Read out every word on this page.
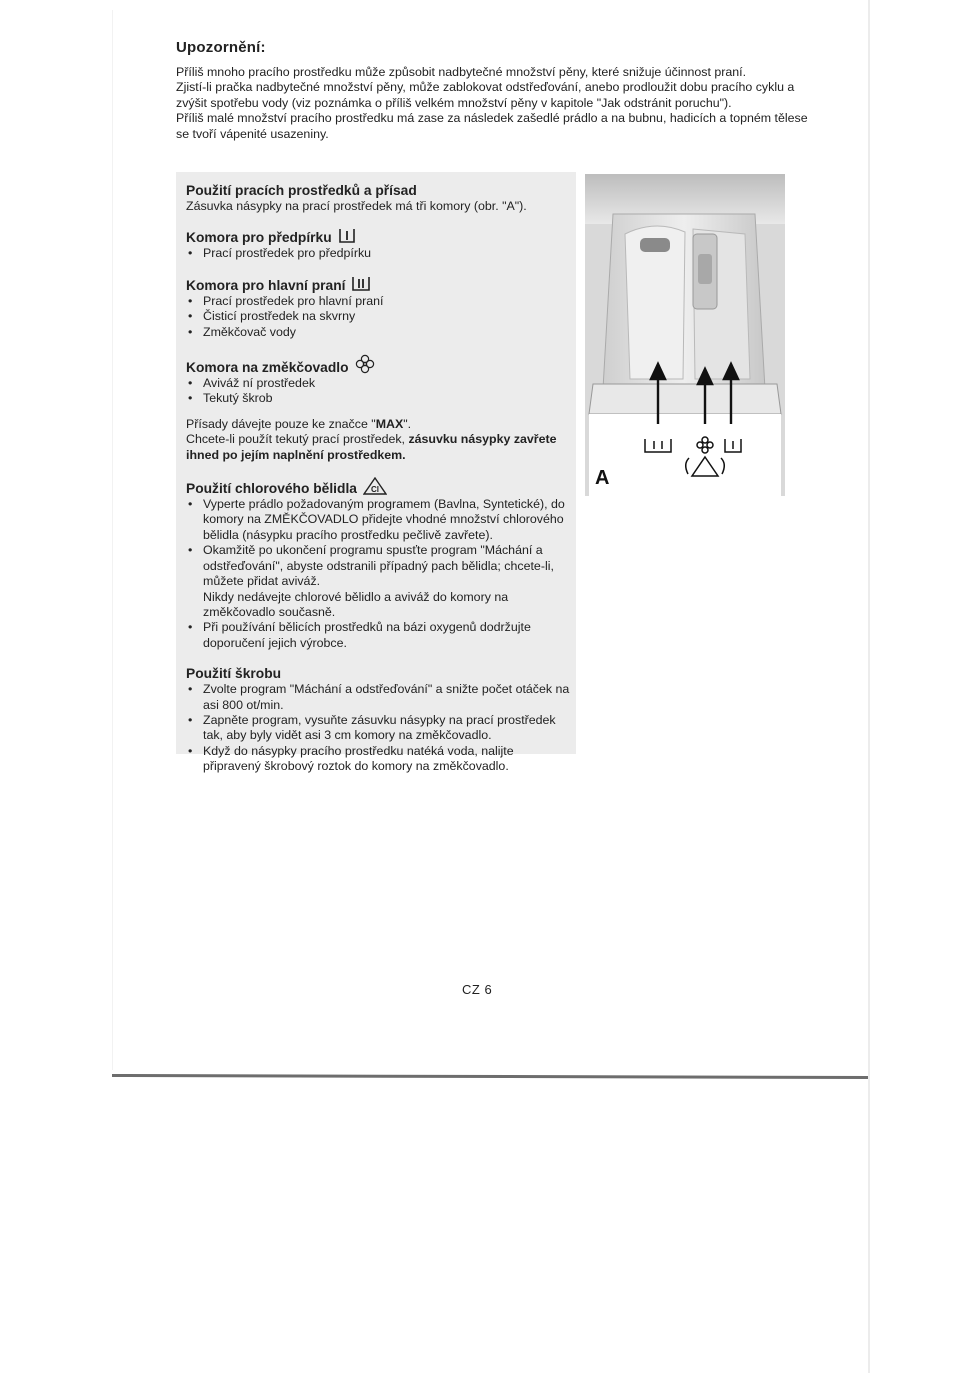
Upozornění:

Příliš mnoho pracího prostředku může způsobit nadbytečné množství pěny, které snižuje účinnost praní.

Zjistí-li pračka nadbytečné množství pěny, může zablokovat odstřeďování, anebo prodloužit dobu pracího cyklu a zvýšit spotřebu vody (viz poznámka o příliš velkém množství pěny v kapitole "Jak odstránit poruchu").

Příliš malé množství pracího prostředku má zase za následek zašedlé prádlo a na bubnu, hadicích a topném tělese se tvoří vápenité usazeniny.

Použití pracích prostředků a přísad

Zásuvka násypky na prací prostředek má tři komory (obr. "A").

Komora pro předpírku
• Prací prostředek pro předpírku
Komora pro hlavní praní
• Prací prostředek pro hlavní praní
• Čisticí prostředek na skvrny
• Změkčovač vody
Komora na změkčovadlo
• Aviváž ní prostředek
• Tekutý škrob

Přísady dávejte pouze ke značce "MAX".

Chcete-li použít tekutý prací prostředek, zásuvku násypky zavřete ihned po jejím naplnění prostředkem.

Použití chlorového bělidla Cl
• Vyperte prádlo požadovaným programem (Bavlna, Syntetické), do komory na ZMĚKČOVADLO přidejte vhodné množství chlorového bělidla (násypku pracího prostředku pečlivě zavřete).
• Okamžitě po ukončení programu spusťte program "Máchání a odstřeďování", abyste odstranili případný pach bělidla; chcete-li, můžete přidat aviváž.
Nikdy nedávejte chlorové bělidlo a aviváž do komory na změkčovadlo současně.
• Při používání bělicích prostředků na bázi oxygenů dodržujte doporučení jejich výrobce.
Použití škrobu
• Zvolte program "Máchání a odstřeďování" a snižte počet otáček na asi 800 ot/min.
• Zapněte program, vysuňte zásuvku násypky na prací prostředek tak, aby byly vidět asi 3 cm komory na změkčovadlo.
• Když do násypky pracího prostředku natéká voda, nalijte připravený škrobový roztok do komory na změkčovadlo.
A
CZ 6
